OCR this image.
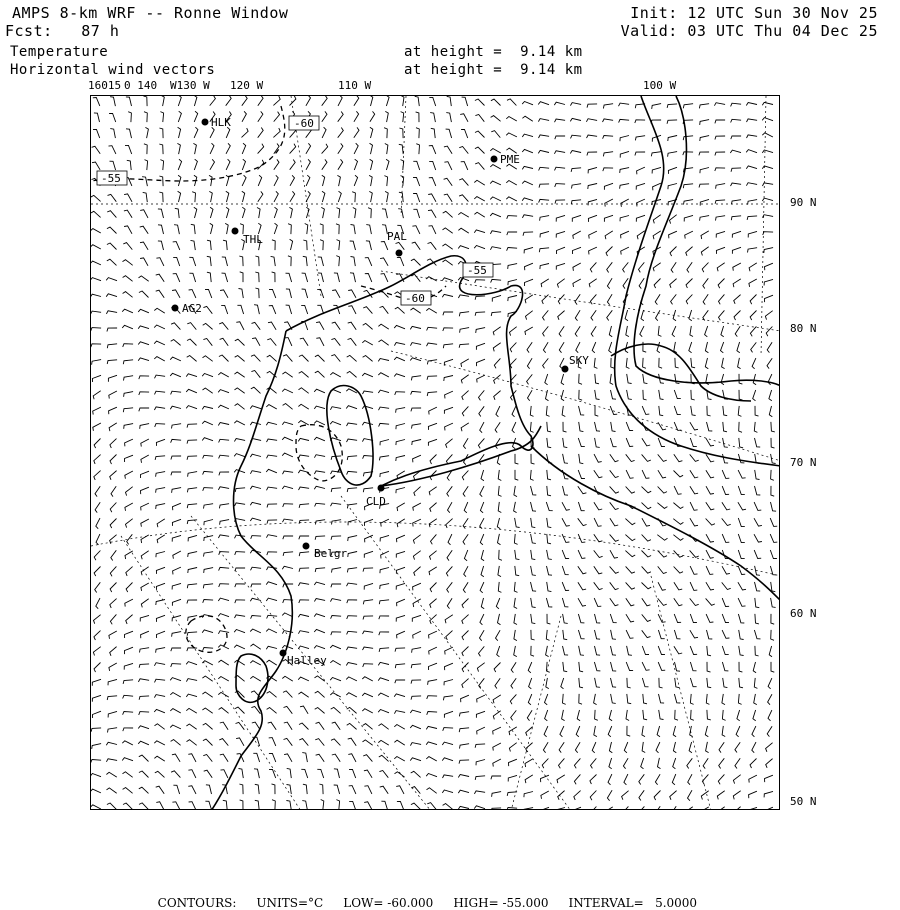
AMPS 8-km WRF -- Ronne Window
Fcst:   87 h
Temperature
Horizontal wind vectors
Init: 12 UTC Sun 30 Nov 25
Valid: 03 UTC Thu 04 Dec 25
at height =  9.14 km
at height =  9.14 km
16015 0 140 W130 W 120 W	110 W	100 W
90 N
80 N
70 N
60 N
50 N
-60
-55
-60
-55
HLK
PME
THL	PAL
AG2
SKY
CLD
Belgr
Halley

CONTOURS: UNITS=°C LOW= -60.000 HIGH= -55.000 INTERVAL=   5.0000
